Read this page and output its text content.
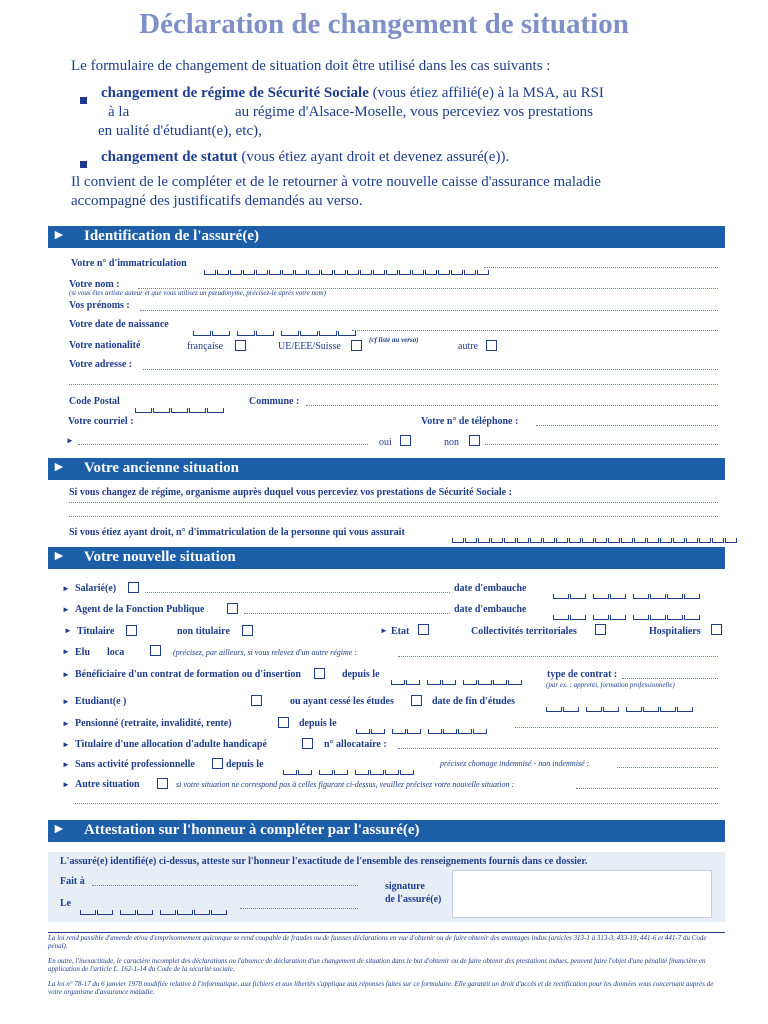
Déclaration de changement de situation
Le formulaire de changement de situation doit être utilisé dans les cas suivants :
changement de régime de Sécurité Sociale (vous étiez affilié(e) à la MSA, au RSI
à la	au régime d'Alsace-Moselle, vous perceviez vos prestations
en ualité d'étudiant(e), etc),
changement de statut (vous étiez ayant droit et devenez assuré(e)).
Il convient de le compléter et de le retourner à votre nouvelle caisse d'assurance maladie
accompagné des justificatifs demandés au verso.
► Identification de l'assuré(e)
Votre n° d'immatriculation
Votre nom :
(si vous êtes artiste auteur et que vous utilisez un pseudonyme, précisez-le après votre nom)
Vos prénoms :
Votre date de naissance
Votre nationalité	française	UE/EEE/Suisse
(cf liste au verso)
autre
Votre adresse :
Code Postal	Commune :
Votre courriel :	Votre n° de téléphone :
►	oui	non
► Votre ancienne situation
Si vous changez de régime, organisme auprès duquel vous perceviez vos prestations de Sécurité Sociale :
Si vous étiez ayant droit, n° d'immatriculation de la personne qui vous assurait
► Votre nouvelle situation
► Salarié(e)	date d'embauche
► Agent de la Fonction Publique	date d'embauche
► Titulaire	non titulaire	► Etat	Collectivités territoriales	Hospitaliers
► Elu loca	(précisez, par ailleurs, si vous relevez d'un autre régime :
► Bénéficiaire d'un contrat de formation ou d'insertion	depuis le	type de contrat :
(par ex. : apprenti, formation professionnelle)
► Etudiant(e )	ou ayant cessé les études	date de fin d'études
► Pensionné (retraite, invalidité, rente)	depuis le
► Titulaire d'une allocation d'adulte handicapé	n° allocataire :
► Sans activité professionnelle	depuis le	précisez chomage indemnisé - non indemnisé :
► Autre situation	si votre situation ne correspond pas à celles figurant ci-dessus, veuillez précisez votre nouvelle situation :
► Attestation sur l'honneur à compléter par l'assuré(e)
L'assuré(e) identifié(e) ci-dessus, atteste sur l'honneur l'exactitude de l'ensemble des renseignements fournis dans ce dossier.
Fait à
Le
signature
de l'assuré(e)
La loi rend passible d'amende et/ou d'emprisonnement quiconque se rend coupable de fraudes ou de fausses déclarations en vue d'obtenir ou de faire obtenir des avantages indus (articles 313-1 à 313-3, 433-19, 441-6 et 441-7 du Code pénal).
En outre, l'inexactitude, le caractère incomplet des déclarations ou l'absence de déclaration d'un changement de situation dans le but d'obtenir ou de faire obtenir des prestations indues, peuvent faire l'objet d'une pénalité financière en application de l'article L. 162-1-14 du Code de la sécurité sociale.
La loi n° 78-17 du 6 janvier 1978 modifiée relative à l'informatique, aux fichiers et aux libertés s'applique aux réponses faites sur ce formulaire. Elle garantit un droit d'accès et de rectification pour les données vous concernant auprès de votre organisme d'assurance maladie.
